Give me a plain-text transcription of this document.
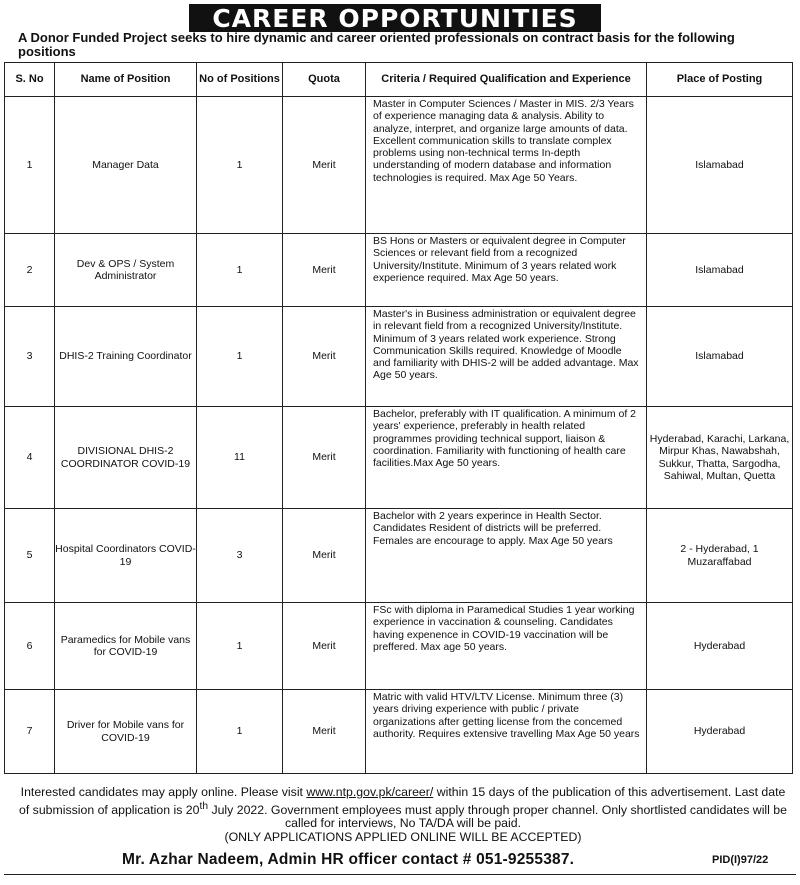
CAREER OPPORTUNITIES
A Donor Funded Project seeks to hire dynamic and career oriented professionals on contract basis for the following positions
S. No	Name of Position	No of Positions	Quota	Criteria / Required Qualification and Experience	Place of Posting
1	Manager Data	1	Merit	Master in Computer Sciences / Master in MIS. 2/3 Years of experience managing data & analysis. Ability to analyze, interpret, and organize large amounts of data. Excellent communication skills to translate complex problems using non-technical terms In-depth understanding of modern database and information technologies is required. Max Age 50 Years.	Islamabad
2	Dev & OPS / System Administrator	1	Merit	BS Hons or Masters or equivalent degree in Computer Sciences or relevant field from a recognized University/Institute. Minimum of 3 years related work experience required. Max Age 50 years.	Islamabad
3	DHIS-2 Training Coordinator	1	Merit	Master's in Business administration or equivalent degree in relevant field from a recognized University/Institute. Minimum of 3 years related work experience. Strong Communication Skills required. Knowledge of Moodle and familiarity with DHIS-2 will be added advantage. Max Age 50 years.	Islamabad
4	DIVISIONAL DHIS-2 COORDINATOR COVID-19	11	Merit	Bachelor, preferably with IT qualification. A minimum of 2 years' experience, preferably in health related programmes providing technical support, liaison & coordination. Familiarity with functioning of health care facilities.Max Age 50 years.	Hyderabad, Karachi, Larkana, Mirpur Khas, Nawabshah, Sukkur, Thatta, Sargodha, Sahiwal, Multan, Quetta
5	Hospital Coordinators COVID-19	3	Merit	Bachelor with 2 years experince in Health Sector. Candidates Resident of districts will be preferred. Females are encourage to apply. Max Age 50 years	2 - Hyderabad, 1 Muzaraffabad
6	Paramedics for Mobile vans for COVID-19	1	Merit	FSc with diploma in Paramedical Studies 1 year working experience in vaccination & counseling. Candidates having expenence in COVID-19 vaccination will be preffered. Max age 50 years.	Hyderabad
7	Driver for Mobile vans for COVID-19	1	Merit	Matric with valid HTV/LTV License. Minimum three (3) years driving experience with public / private organizations after getting license from the concemed authority. Requires extensive travelling Max Age 50 years	Hyderabad
Interested candidates may apply online. Please visit www.ntp.gov.pk/career/ within 15 days of the publication of this advertisement. Last date of submission of application is 20th July 2022. Government employees must apply through proper channel. Only shortlisted candidates will be called for interviews, No TA/DA will be paid.
(ONLY APPLICATIONS APPLIED ONLINE WILL BE ACCEPTED)
Mr. Azhar Nadeem, Admin HR officer contact # 051-9255387.	PID(I)97/22
